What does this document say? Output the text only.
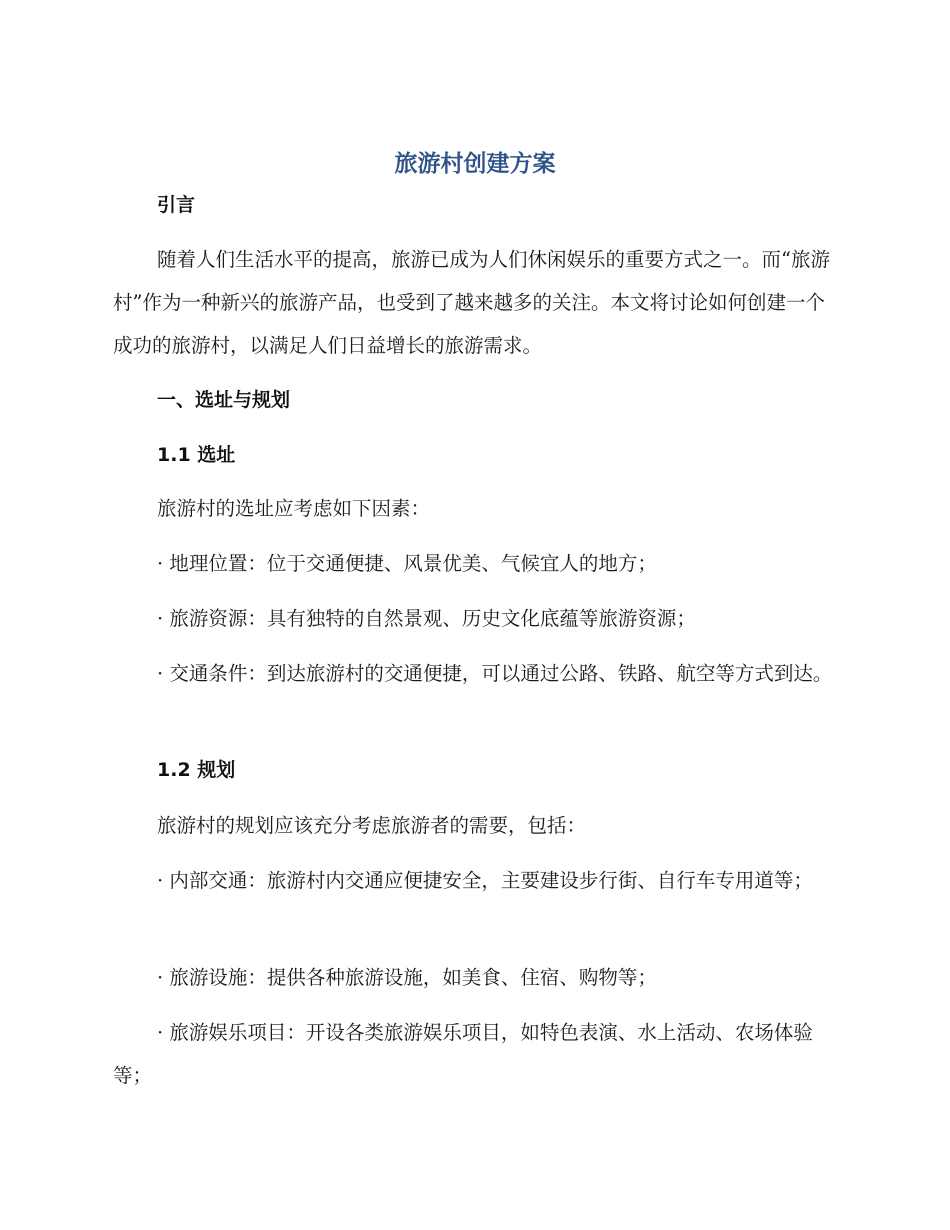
旅游村创建方案
引言

随着人们生活水平的提高，旅游已成为人们休闲娱乐的重要方式之一。而“旅游村”作为一种新兴的旅游产品，也受到了越来越多的关注。本文将讨论如何创建一个成功的旅游村，以满足人们日益增长的旅游需求。

一、选址与规划
1.1 选址

旅游村的选址应考虑如下因素：

· 地理位置：位于交通便捷、风景优美、气候宜人的地方；

· 旅游资源：具有独特的自然景观、历史文化底蕴等旅游资源；

· 交通条件：到达旅游村的交通便捷，可以通过公路、铁路、航空等方式到达。

1.2 规划

旅游村的规划应该充分考虑旅游者的需要，包括：

· 内部交通：旅游村内交通应便捷安全，主要建设步行街、自行车专用道等；

· 旅游设施：提供各种旅游设施，如美食、住宿、购物等；

· 旅游娱乐项目：开设各类旅游娱乐项目，如特色表演、水上活动、农场体验等；
